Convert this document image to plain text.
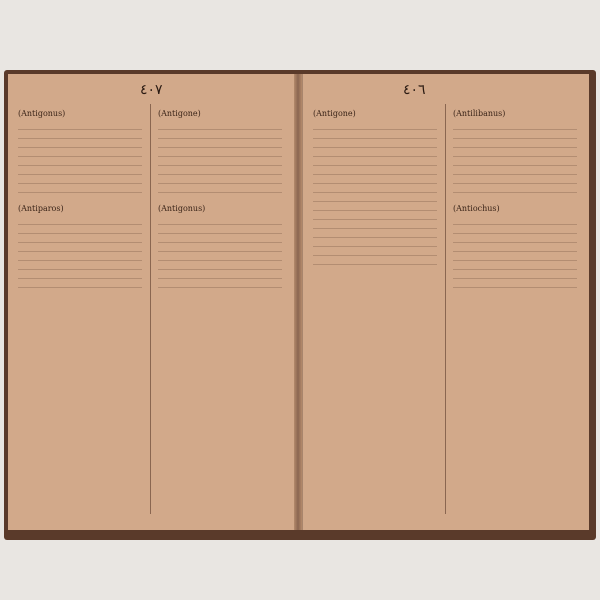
٤٠٧
(Antigonus)
(Antiparos)
(Antigone)
(Antigonus)
٤٠٦
(Antigone)	(Antilibanus)
(Antiochus)
